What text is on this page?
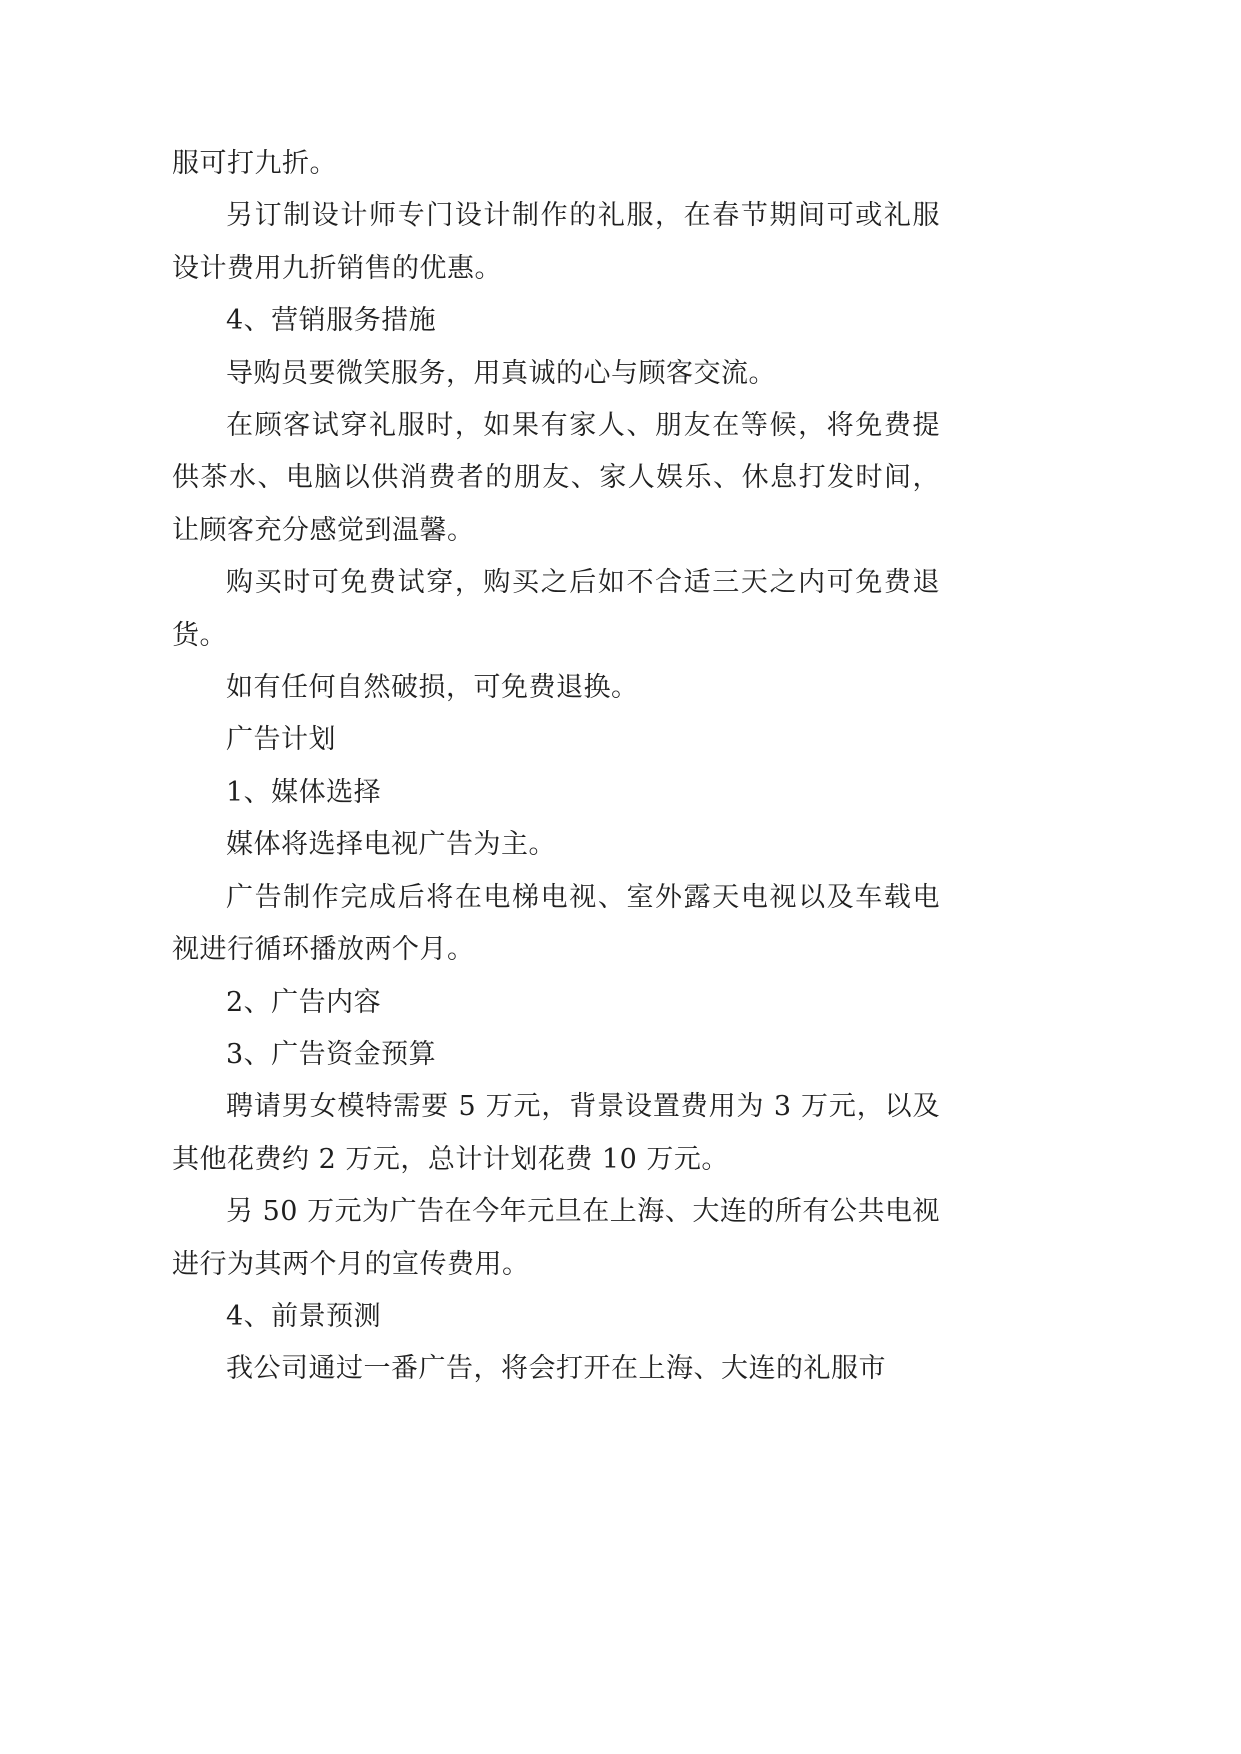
服可打九折。

另订制设计师专门设计制作的礼服，在春节期间可或礼服设计费用九折销售的优惠。

4、营销服务措施

导购员要微笑服务，用真诚的心与顾客交流。

在顾客试穿礼服时，如果有家人、朋友在等候，将免费提供茶水、电脑以供消费者的朋友、家人娱乐、休息打发时间，让顾客充分感觉到温馨。

购买时可免费试穿，购买之后如不合适三天之内可免费退货。

如有任何自然破损，可免费退换。

广告计划

1、媒体选择

媒体将选择电视广告为主。

广告制作完成后将在电梯电视、室外露天电视以及车载电视进行循环播放两个月。

2、广告内容

3、广告资金预算

聘请男女模特需要 5 万元，背景设置费用为 3 万元，以及其他花费约 2 万元，总计计划花费 10 万元。

另 50 万元为广告在今年元旦在上海、大连的所有公共电视进行为其两个月的宣传费用。

4、前景预测

我公司通过一番广告，将会打开在上海、大连的礼服市
